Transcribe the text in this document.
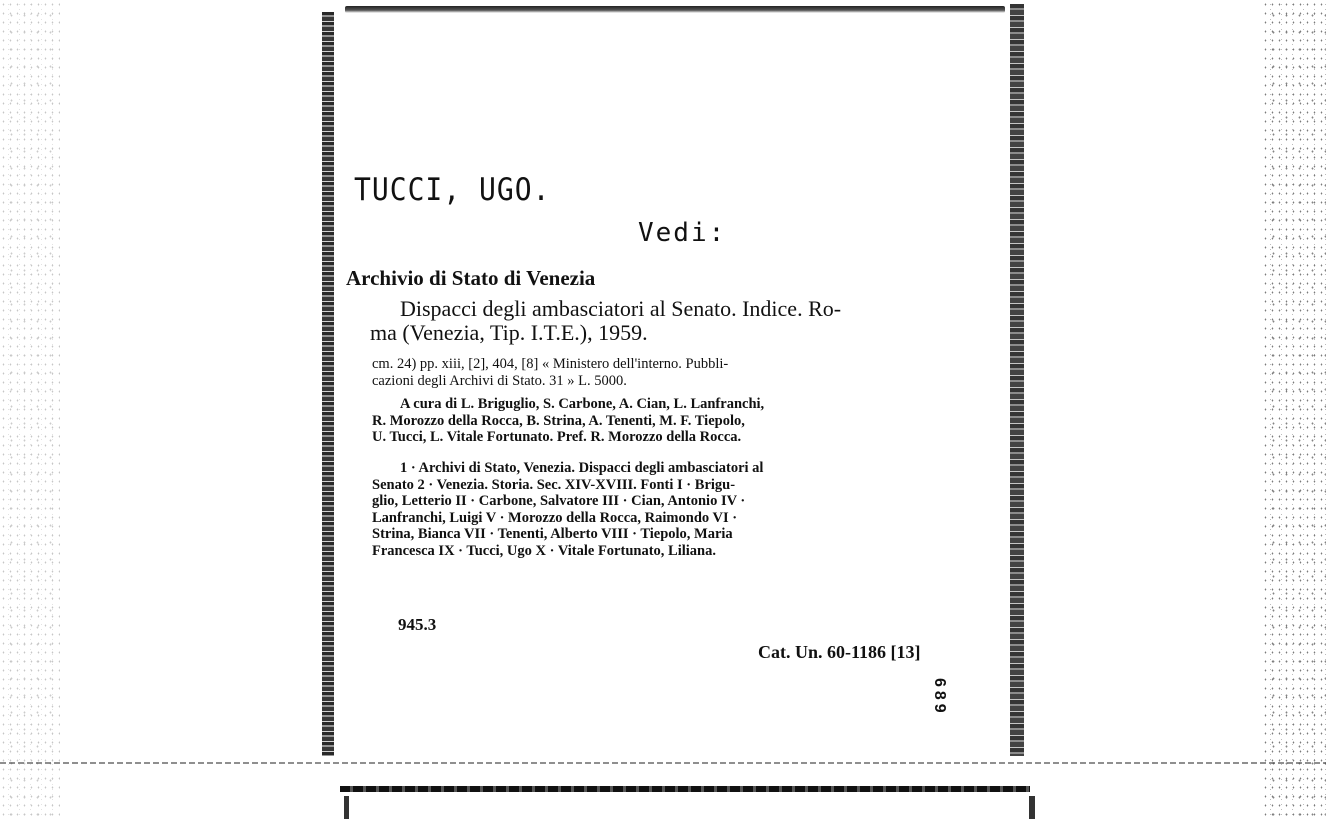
TUCCI, UGO.
Vedi:
Archivio di Stato di Venezia
Dispacci degli ambasciatori al Senato. Indice. Ro-
ma (Venezia, Tip. I.T.E.), 1959.
cm. 24) pp. xiii, [2], 404, [8] « Ministero dell'interno. Pubbli-
cazioni degli Archivi di Stato. 31 » L. 5000.
A cura di L. Briguglio, S. Carbone, A. Cian, L. Lanfranchi,
R. Morozzo della Rocca, B. Strina, A. Tenenti, M. F. Tiepolo,
U. Tucci, L. Vitale Fortunato. Pref. R. Morozzo della Rocca.
1 · Archivi di Stato, Venezia. Dispacci degli ambasciatori al
Senato 2 · Venezia. Storia. Sec. XIV-XVIII. Fonti I · Brigu-
glio, Letterio II · Carbone, Salvatore III · Cian, Antonio IV ·
Lanfranchi, Luigi V · Morozzo della Rocca, Raimondo VI ·
Strina, Bianca VII · Tenenti, Alberto VIII · Tiepolo, Maria
Francesca IX · Tucci, Ugo X · Vitale Fortunato, Liliana.
945.3
Cat. Un. 60-1186 [13]
689
